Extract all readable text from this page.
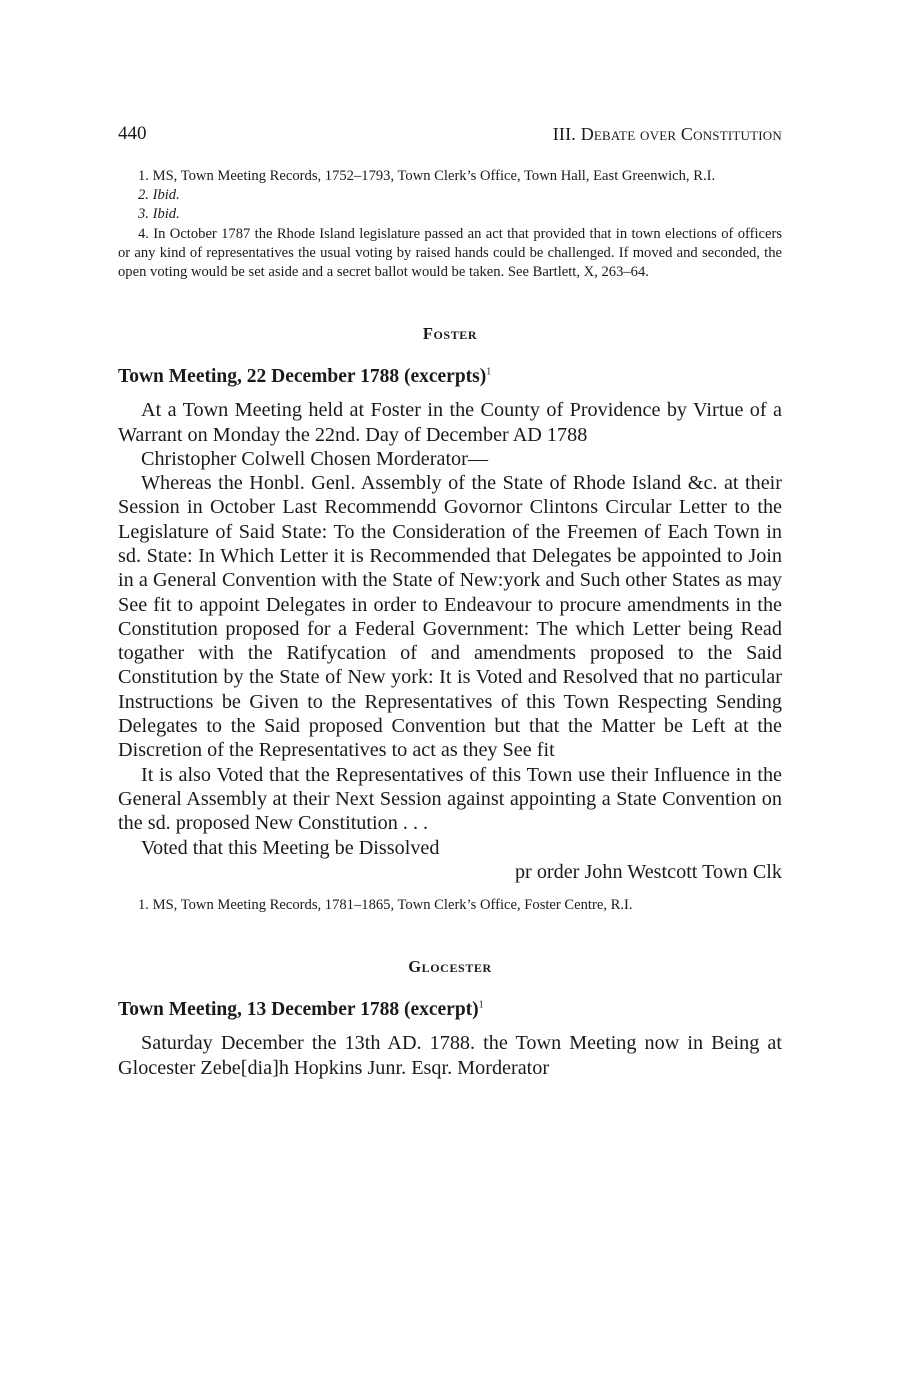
440	III. Debate over Constitution

1. MS, Town Meeting Records, 1752–1793, Town Clerk’s Office, Town Hall, East Greenwich, R.I.

2. Ibid.

3. Ibid.

4. In October 1787 the Rhode Island legislature passed an act that provided that in town elections of officers or any kind of representatives the usual voting by raised hands could be challenged. If moved and seconded, the open voting would be set aside and a secret ballot would be taken. See Bartlett, X, 263–64.

Foster
Town Meeting, 22 December 1788 (excerpts)$^1$

At a Town Meeting held at Foster in the County of Providence by Virtue of a Warrant on Monday the 22nd. Day of December AD 1788

Christopher Colwell Chosen Morderator—

Whereas the Honbl. Genl. Assembly of the State of Rhode Island &c. at their Session in October Last Recommendd Govornor Clintons Circular Letter to the Legislature of Said State: To the Consideration of the Freemen of Each Town in sd. State: In Which Letter it is Recommended that Delegates be appointed to Join in a General Convention with the State of New:york and Such other States as may See fit to appoint Delegates in order to Endeavour to procure amendments in the Constitution proposed for a Federal Government: The which Letter being Read togather with the Ratifycation of and amendments proposed to the Said Constitution by the State of New york: It is Voted and Resolved that no particular Instructions be Given to the Representatives of this Town Respecting Sending Delegates to the Said proposed Convention but that the Matter be Left at the Discretion of the Representatives to act as they See fit

It is also Voted that the Representatives of this Town use their Influence in the General Assembly at their Next Session against appointing a State Convention on the sd. proposed New Constitution . . .

Voted that this Meeting be Dissolved

pr order John Westcott Town Clk

1. MS, Town Meeting Records, 1781–1865, Town Clerk’s Office, Foster Centre, R.I.

Glocester
Town Meeting, 13 December 1788 (excerpt)$^1$

Saturday December the 13th AD. 1788. the Town Meeting now in Being at Glocester Zebe[dia]h Hopkins Junr. Esqr. Morderator
